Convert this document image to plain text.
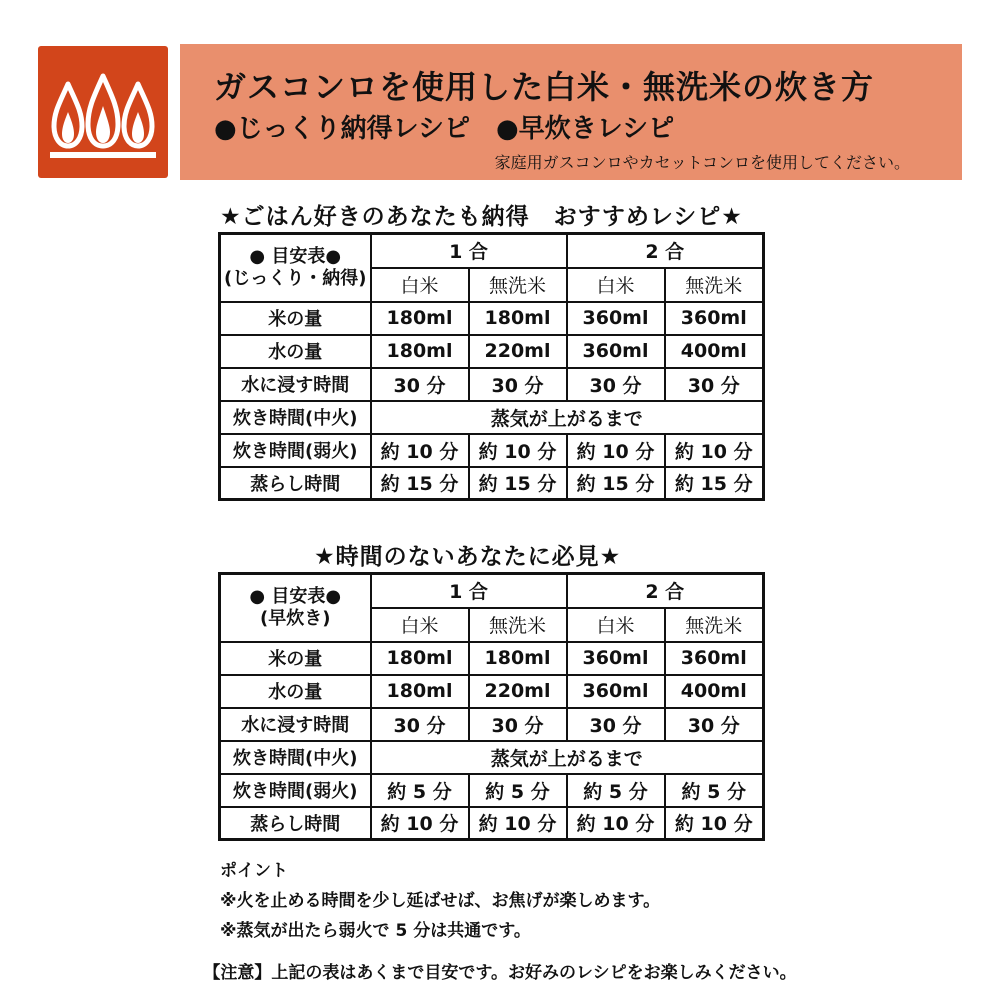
ガスコンロを使用した白米・無洗米の炊き方
●じっくり納得レシピ ●早炊きレシピ
家庭用ガスコンロやカセットコンロを使用してください。
★ごはん好きのあなたも納得　おすすめレシピ★
● 目安表●
(じっくり・納得)	1 合		2 合	
	白米	無洗米	白米	無洗米
米の量	180ml	180ml	360ml	360ml
水の量	180ml	220ml	360ml	400ml
水に浸す時間	30 分	30 分	30 分	30 分
炊き時間(中火)	蒸気が上がるまで			
炊き時間(弱火)	約 10 分	約 10 分	約 10 分	約 10 分
蒸らし時間	約 15 分	約 15 分	約 15 分	約 15 分
★時間のないあなたに必見★
● 目安表●
(早炊き)	1 合		2 合	
	白米	無洗米	白米	無洗米
米の量	180ml	180ml	360ml	360ml
水の量	180ml	220ml	360ml	400ml
水に浸す時間	30 分	30 分	30 分	30 分
炊き時間(中火)	蒸気が上がるまで			
炊き時間(弱火)	約 5 分	約 5 分	約 5 分	約 5 分
蒸らし時間	約 10 分	約 10 分	約 10 分	約 10 分
ポイント
※火を止める時間を少し延ばせば、お焦げが楽しめます。
※蒸気が出たら弱火で 5 分は共通です。
【注意】上記の表はあくまで目安です。お好みのレシピをお楽しみください。
